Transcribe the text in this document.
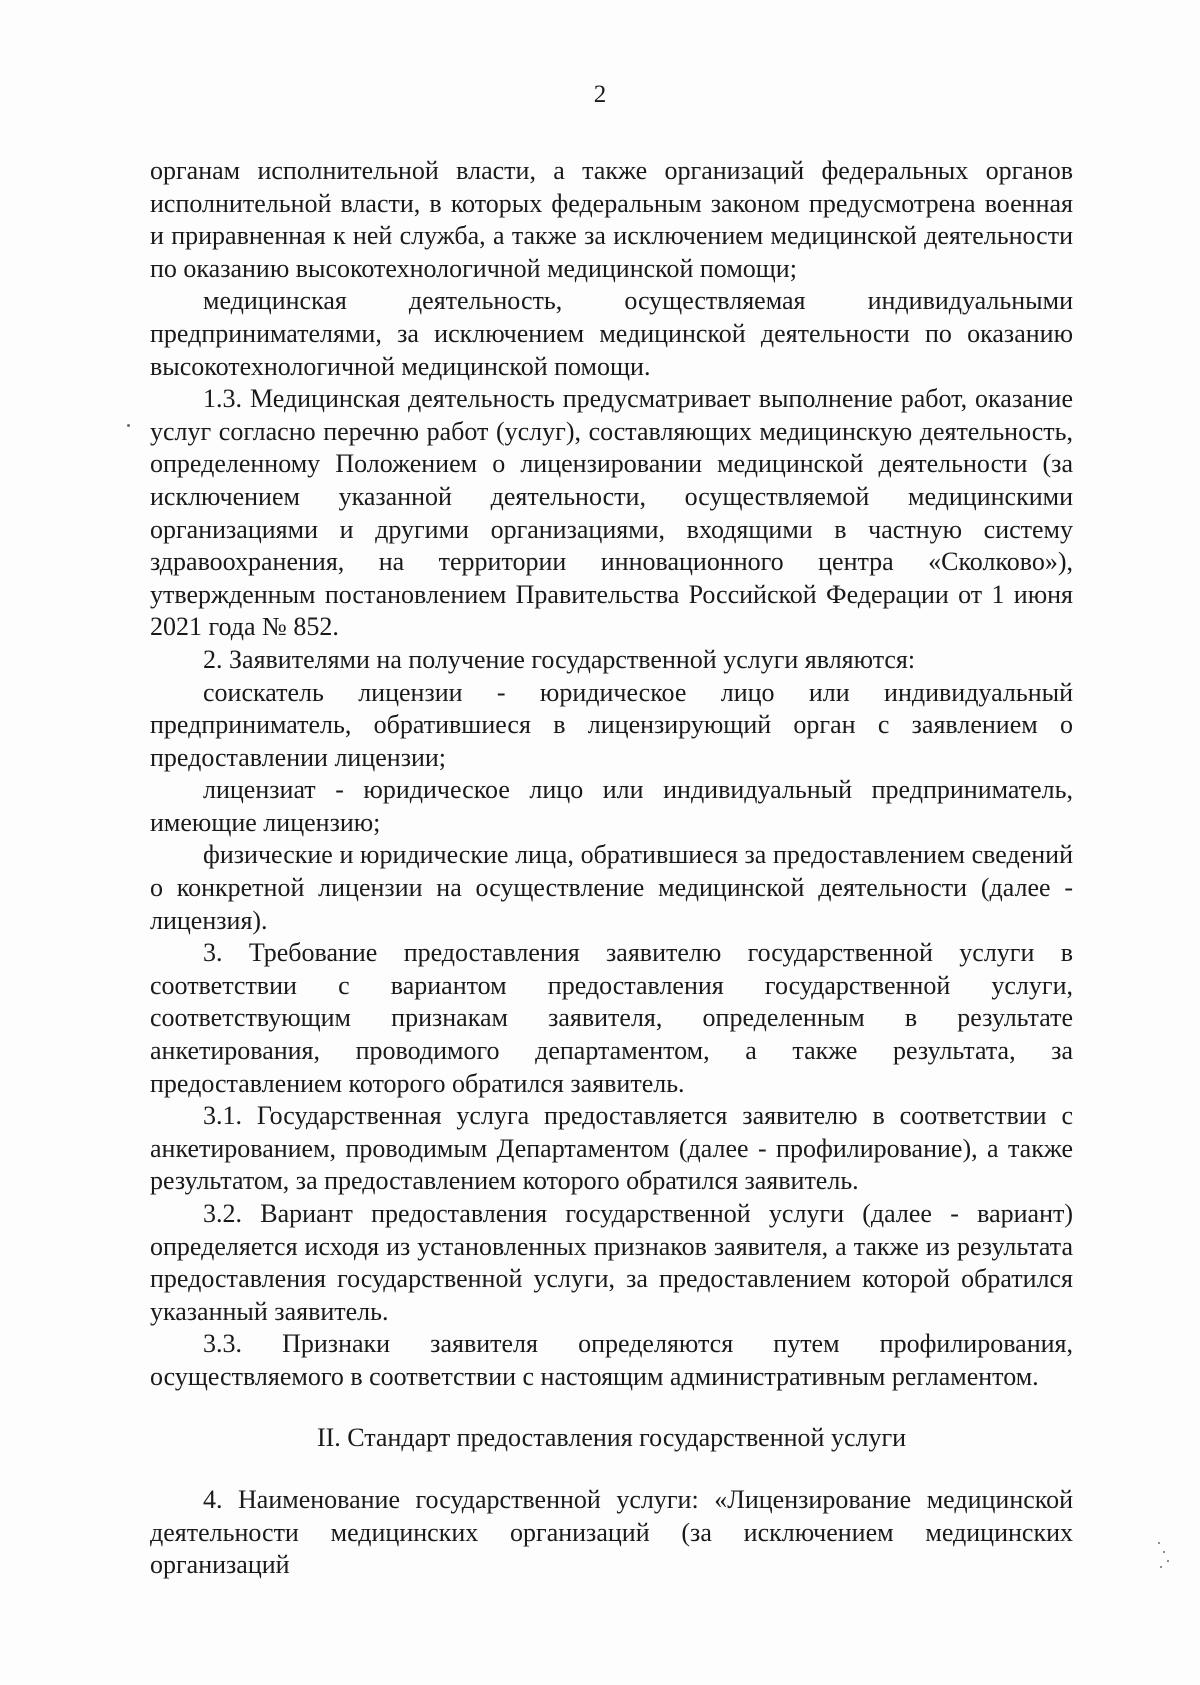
2

органам исполнительной власти, а также организаций федеральных органов исполнительной власти, в которых федеральным законом предусмотрена военная и приравненная к ней служба, а также за исключением медицинской деятельности по оказанию высокотехнологичной медицинской помощи;

медицинская деятельность, осуществляемая индивидуальными предпринимателями, за исключением медицинской деятельности по оказанию высокотехнологичной медицинской помощи.

1.3. Медицинская деятельность предусматривает выполнение работ, оказание услуг согласно перечню работ (услуг), составляющих медицинскую деятельность, определенному Положением о лицензировании медицинской деятельности (за исключением указанной деятельности, осуществляемой медицинскими организациями и другими организациями, входящими в частную систему здравоохранения, на территории инновационного центра «Сколково»), утвержденным постановлением Правительства Российской Федерации от 1 июня 2021 года № 852.

2. Заявителями на получение государственной услуги являются:

соискатель лицензии - юридическое лицо или индивидуальный предприниматель, обратившиеся в лицензирующий орган с заявлением о предоставлении лицензии;

лицензиат - юридическое лицо или индивидуальный предприниматель, имеющие лицензию;

физические и юридические лица, обратившиеся за предоставлением сведений о конкретной лицензии на осуществление медицинской деятельности (далее - лицензия).

3. Требование предоставления заявителю государственной услуги в соответствии с вариантом предоставления государственной услуги, соответствующим признакам заявителя, определенным в результате анкетирования, проводимого департаментом, а также результата, за предоставлением которого обратился заявитель.

3.1. Государственная услуга предоставляется заявителю в соответствии с анкетированием, проводимым Департаментом (далее - профилирование), а также результатом, за предоставлением которого обратился заявитель.

3.2. Вариант предоставления государственной услуги (далее - вариант) определяется исходя из установленных признаков заявителя, а также из результата предоставления государственной услуги, за предоставлением которой обратился указанный заявитель.

3.3. Признаки заявителя определяются путем профилирования, осуществляемого в соответствии с настоящим административным регламентом.

II. Стандарт предоставления государственной услуги

4. Наименование государственной услуги: «Лицензирование медицинской деятельности медицинских организаций (за исключением медицинских организаций
